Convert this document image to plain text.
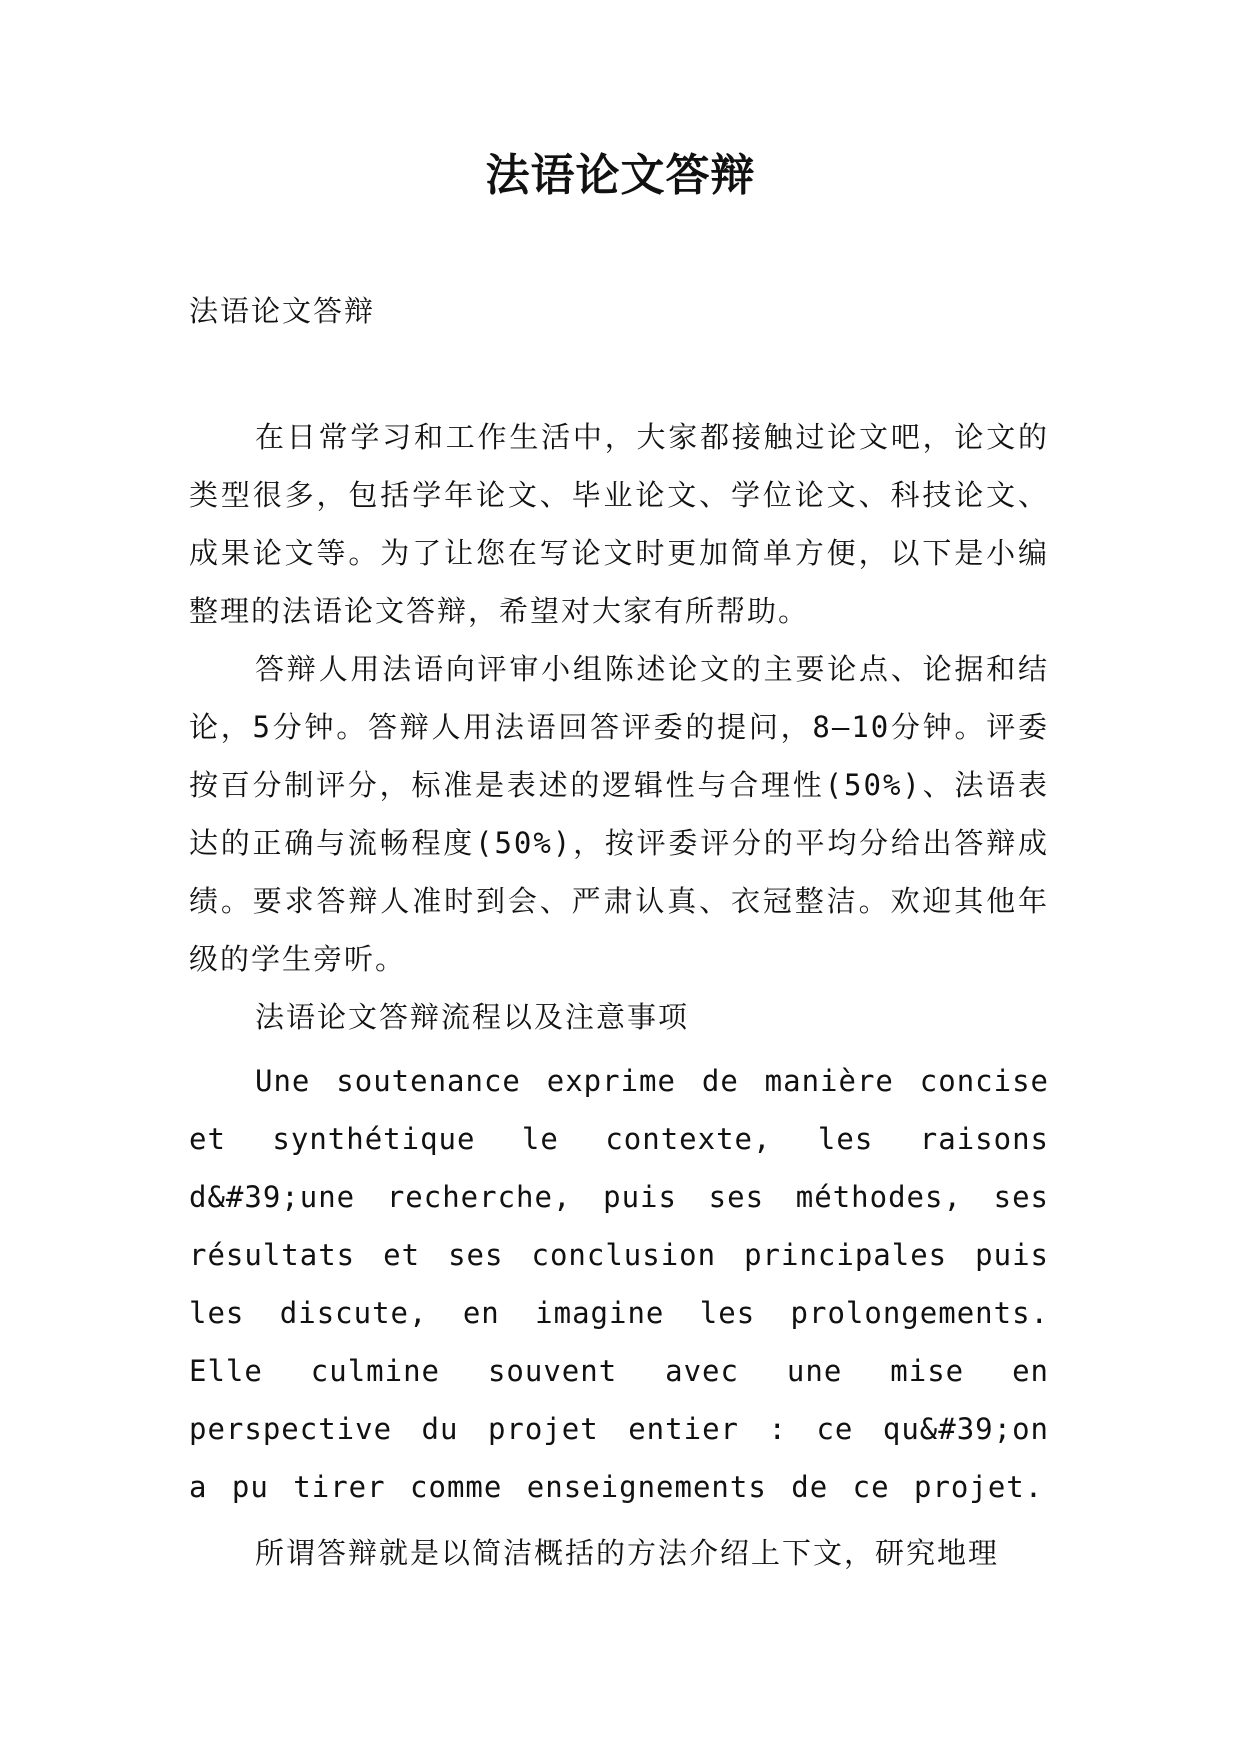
法语论文答辩
法语论文答辩

在日常学习和工作生活中，大家都接触过论文吧，论文的类型很多，包括学年论文、毕业论文、学位论文、科技论文、成果论文等。为了让您在写论文时更加简单方便，以下是小编整理的法语论文答辩，希望对大家有所帮助。

答辩人用法语向评审小组陈述论文的主要论点、论据和结论，5分钟。答辩人用法语回答评委的提问，8—10分钟。评委按百分制评分，标准是表述的逻辑性与合理性(50%)、法语表达的正确与流畅程度(50%)，按评委评分的平均分给出答辩成绩。要求答辩人准时到会、严肃认真、衣冠整洁。欢迎其他年级的学生旁听。

法语论文答辩流程以及注意事项

Une soutenance exprime de manière concise et synthétique le contexte, les raisons d&#39;une recherche, puis ses méthodes, ses résultats et ses conclusion principales puis les discute, en imagine les prolongements. Elle culmine souvent avec une mise en perspective du projet entier : ce qu&#39;on a pu tirer comme enseignements de ce projet.

所谓答辩就是以简洁概括的方法介绍上下文，研究地理
